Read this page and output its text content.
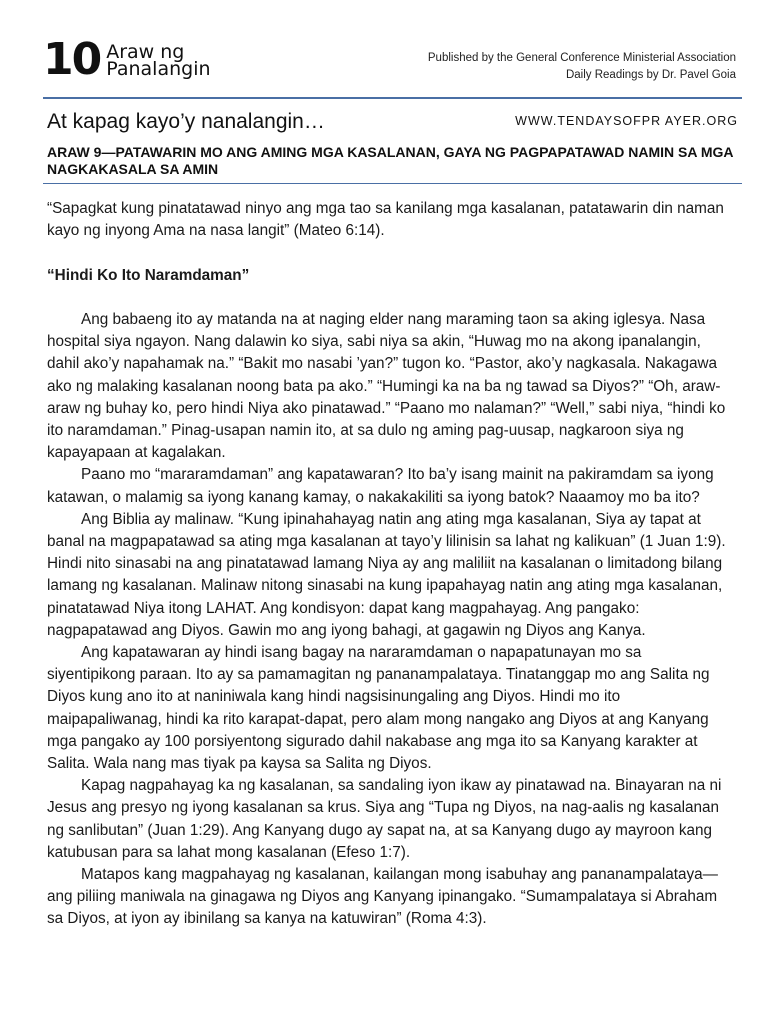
10 Araw ng
Panalangin	Published by the General Conference Ministerial Association
Daily Readings by Dr. Pavel Goia
At kapag kayo’y nanalangin…	WWW.TENDAYSOFPR AYER.ORG
ARAW 9—PATAWARIN MO ANG AMING MGA KASALANAN, GAYA NG PAGPAPATAWAD NAMIN SA MGA NAGKAKASALA SA AMIN

“Sapagkat kung pinatatawad ninyo ang mga tao sa kanilang mga kasalanan, patatawarin din naman kayo ng inyong Ama na nasa langit” (Mateo 6:14).

“Hindi Ko Ito Naramdaman”

Ang babaeng ito ay matanda na at naging elder nang maraming taon sa aking iglesya. Nasa hospital siya ngayon. Nang dalawin ko siya, sabi niya sa akin, “Huwag mo na akong ipanalangin, dahil ako’y napahamak na.” “Bakit mo nasabi ’yan?” tugon ko. “Pastor, ako’y nagkasala. Nakagawa ako ng malaking kasalanan noong bata pa ako.” “Humingi ka na ba ng tawad sa Diyos?” “Oh, araw-araw ng buhay ko, pero hindi Niya ako pinatawad.” “Paano mo nalaman?” “Well,” sabi niya, “hindi ko ito naramdaman.” Pinag-usapan namin ito, at sa dulo ng aming pag-uusap, nagkaroon siya ng kapayapaan at kagalakan.

Paano mo “mararamdaman” ang kapatawaran? Ito ba’y isang mainit na pakiramdam sa iyong katawan, o malamig sa iyong kanang kamay, o nakakakiliti sa iyong batok? Naaamoy mo ba ito?

Ang Biblia ay malinaw. “Kung ipinahahayag natin ang ating mga kasalanan, Siya ay tapat at banal na magpapatawad sa ating mga kasalanan at tayo’y lilinisin sa lahat ng kalikuan” (1 Juan 1:9). Hindi nito sinasabi na ang pinatatawad lamang Niya ay ang maliliit na kasalanan o limitadong bilang lamang ng kasalanan. Malinaw nitong sinasabi na kung ipapahayag natin ang ating mga kasalanan, pinatatawad Niya itong LAHAT. Ang kondisyon: dapat kang magpahayag. Ang pangako: nagpapatawad ang Diyos. Gawin mo ang iyong bahagi, at gagawin ng Diyos ang Kanya.

Ang kapatawaran ay hindi isang bagay na nararamdaman o napapatunayan mo sa siyentipikong paraan. Ito ay sa pamamagitan ng pananampalataya. Tinatanggap mo ang Salita ng Diyos kung ano ito at naniniwala kang hindi nagsisinungaling ang Diyos. Hindi mo ito maipapaliwanag, hindi ka rito karapat-dapat, pero alam mong nangako ang Diyos at ang Kanyang mga pangako ay 100 porsiyentong sigurado dahil nakabase ang mga ito sa Kanyang karakter at Salita. Wala nang mas tiyak pa kaysa sa Salita ng Diyos.

Kapag nagpahayag ka ng kasalanan, sa sandaling iyon ikaw ay pinatawad na. Binayaran na ni Jesus ang presyo ng iyong kasalanan sa krus. Siya ang “Tupa ng Diyos, na nag-aalis ng kasalanan ng sanlibutan” (Juan 1:29). Ang Kanyang dugo ay sapat na, at sa Kanyang dugo ay mayroon kang katubusan para sa lahat mong kasalanan (Efeso 1:7).

Matapos kang magpahayag ng kasalanan, kailangan mong isabuhay ang pananampalataya—ang piliing maniwala na ginagawa ng Diyos ang Kanyang ipinangako. “Sumampalataya si Abraham sa Diyos, at iyon ay ibinilang sa kanya na katuwiran” (Roma 4:3).
